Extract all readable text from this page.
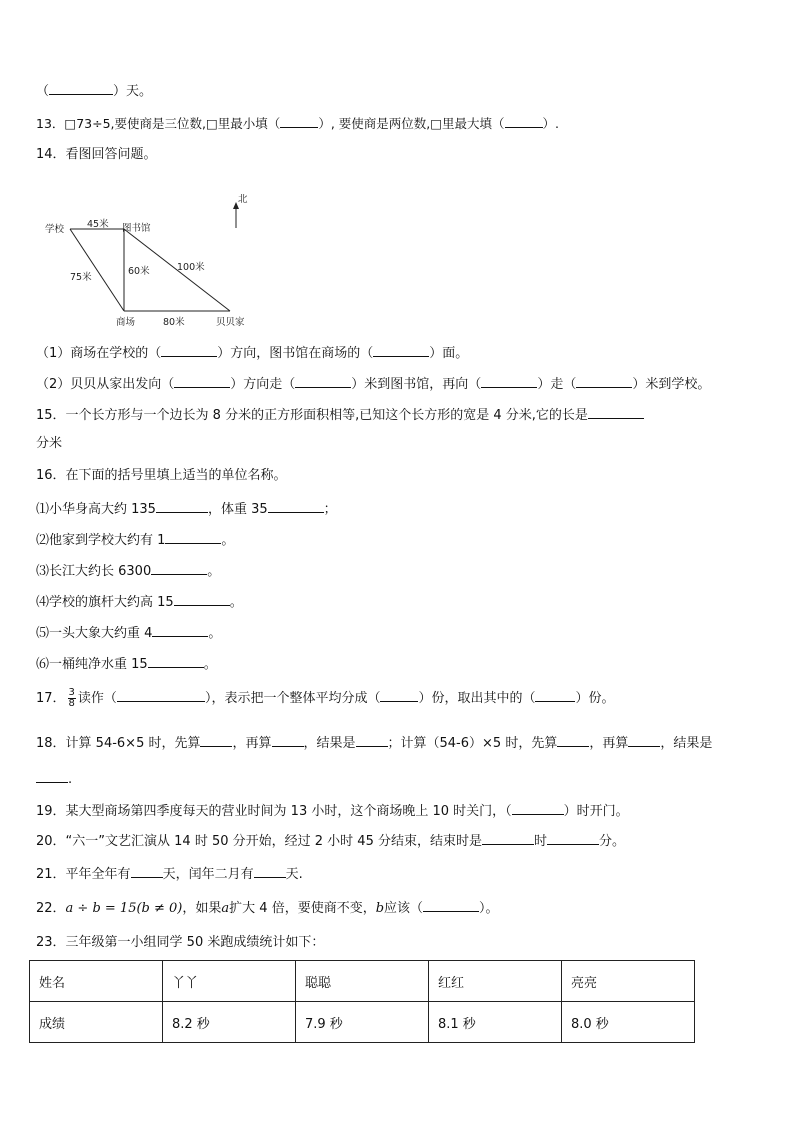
（	）天。
13．□73÷5,要使商是三位数,□里最小填（	）, 要使商是两位数,□里最大填（	）.
14．看图回答问题。
北
学校	图书馆
商场	贝贝家
45米
75米
60米	100米
80米
（1）商场在学校的（	）方向，图书馆在商场的（	）面。
（2）贝贝从家出发向（	）方向走（	）米到图书馆，再向（	）走（	）米到学校。
15．一个长方形与一个边长为 8 分米的正方形面积相等,已知这个长方形的宽是 4 分米,它的长是
分米
16．在下面的括号里填上适当的单位名称。
⑴小华身高大约 135	，体重 35	；
⑵他家到学校大约有 1	。
⑶长江大约长 6300	。
⑷学校的旗杆大约高 15	。
⑸一头大象大约重 4	。
⑹一桶纯净水重 15	。
17． $\frac{3}{8}$ 读作（	），表示把一个整体平均分成（	）份，取出其中的（	）份。
18．计算 54-6×5 时，先算 ，再算 ，结果是 ；计算（54-6）×5 时，先算 ，再算 ，结果是
.
19．某大型商场第四季度每天的营业时间为 13 小时，这个商场晚上 10 时关门，（	）时开门。
20．“六一”文艺汇演从 14 时 50 分开始，经过 2 小时 45 分结束，结束时是	时	分。
21．平年全年有 天，闰年二月有 天.
22．a ÷ b = 15(b ≠ 0)，如果a扩大 4 倍，要使商不变，b应该（	）。
23．三年级第一小组同学 50 米跑成绩统计如下：
姓名	丫丫	聪聪	红红	亮亮
成绩	8.2 秒	7.9 秒	8.1 秒	8.0 秒
